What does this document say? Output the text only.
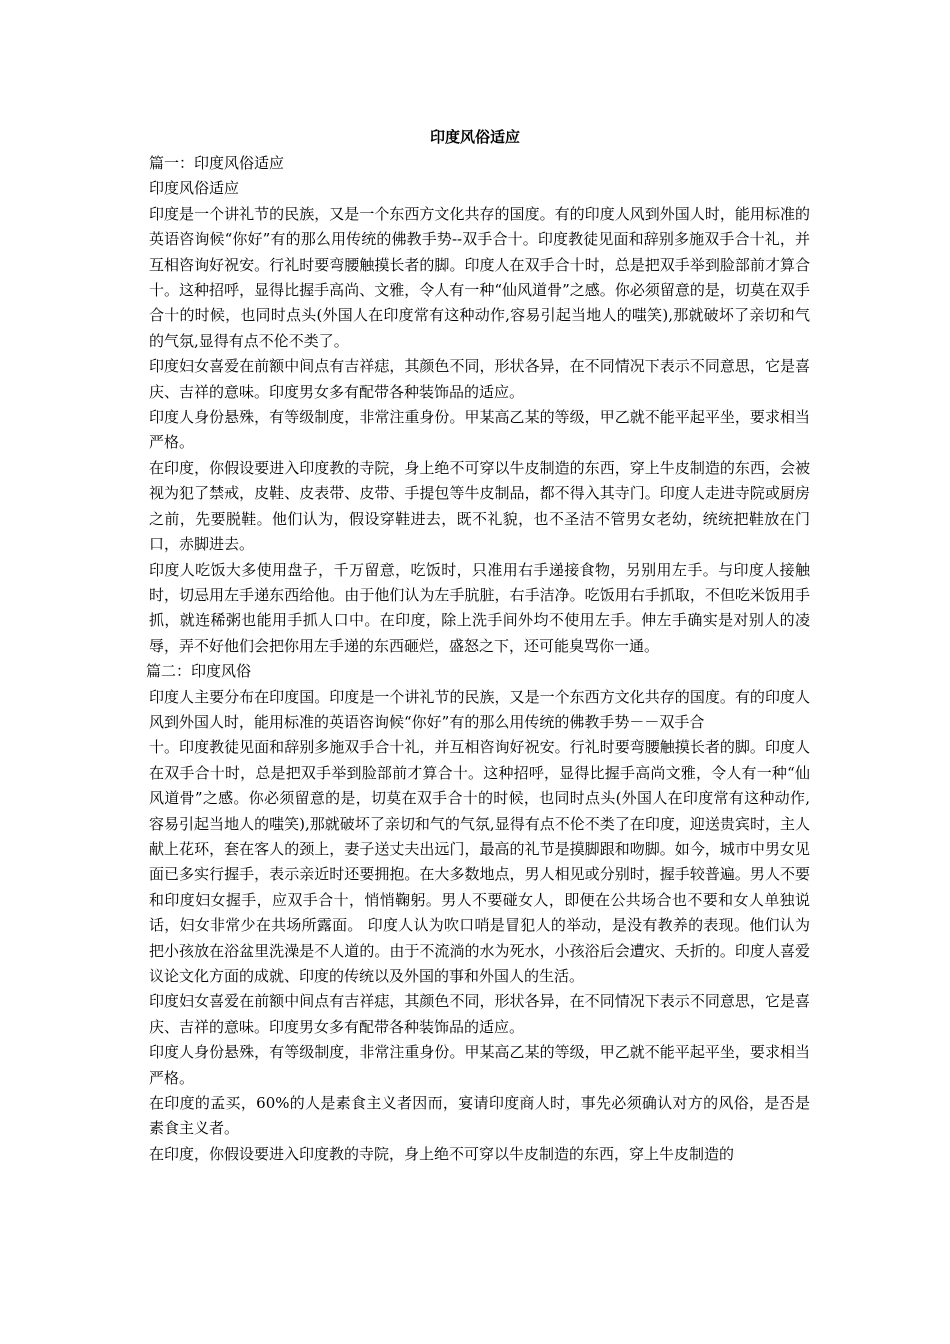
印度风俗适应

篇一：印度风俗适应

印度风俗适应

印度是一个讲礼节的民族，又是一个东西方文化共存的国度。有的印度人风到外国人时，能用标准的英语咨询候“你好”有的那么用传统的佛教手势--双手合十。印度教徒见面和辞别多施双手合十礼，并互相咨询好祝安。行礼时要弯腰触摸长者的脚。印度人在双手合十时，总是把双手举到脸部前才算合十。这种招呼，显得比握手高尚、文雅，令人有一种“仙风道骨”之感。你必须留意的是，切莫在双手合十的时候，也同时点头(外国人在印度常有这种动作,容易引起当地人的嗤笑),那就破坏了亲切和气的气氛,显得有点不伦不类了。

印度妇女喜爱在前额中间点有吉祥痣，其颜色不同，形状各异，在不同情况下表示不同意思，它是喜庆、吉祥的意味。印度男女多有配带各种装饰品的适应。

印度人身份悬殊，有等级制度，非常注重身份。甲某高乙某的等级，甲乙就不能平起平坐，要求相当严格。

在印度，你假设要进入印度教的寺院，身上绝不可穿以牛皮制造的东西，穿上牛皮制造的东西，会被视为犯了禁戒，皮鞋、皮表带、皮带、手提包等牛皮制品，都不得入其寺门。印度人走进寺院或厨房之前，先要脱鞋。他们认为，假设穿鞋进去，既不礼貌，也不圣洁不管男女老幼，统统把鞋放在门口，赤脚进去。

印度人吃饭大多使用盘子，千万留意，吃饭时，只准用右手递接食物，另别用左手。与印度人接触时，切忌用左手递东西给他。由于他们认为左手肮脏，右手洁净。吃饭用右手抓取，不但吃米饭用手抓，就连稀粥也能用手抓人口中。在印度，除上洗手间外均不使用左手。伸左手确实是对别人的凌辱，弄不好他们会把你用左手递的东西砸烂，盛怒之下，还可能臭骂你一通。

篇二：印度风俗

印度人主要分布在印度国。印度是一个讲礼节的民族，又是一个东西方文化共存的国度。有的印度人风到外国人时，能用标准的英语咨询候“你好”有的那么用传统的佛教手势－－双手合

十。印度教徒见面和辞别多施双手合十礼，并互相咨询好祝安。行礼时要弯腰触摸长者的脚。印度人在双手合十时，总是把双手举到脸部前才算合十。这种招呼，显得比握手高尚文雅，令人有一种“仙风道骨”之感。你必须留意的是，切莫在双手合十的时候，也同时点头(外国人在印度常有这种动作,容易引起当地人的嗤笑),那就破坏了亲切和气的气氛,显得有点不伦不类了在印度，迎送贵宾时，主人献上花环，套在客人的颈上，妻子送丈夫出远门，最高的礼节是摸脚跟和吻脚。如今，城市中男女见面已多实行握手，表示亲近时还要拥抱。在大多数地点，男人相见或分别时，握手较普遍。男人不要和印度妇女握手，应双手合十，悄悄鞠躬。男人不要碰女人，即便在公共场合也不要和女人单独说话，妇女非常少在共场所露面。 印度人认为吹口哨是冒犯人的举动，是没有教养的表现。他们认为把小孩放在浴盆里洗澡是不人道的。由于不流淌的水为死水，小孩浴后会遭灾、夭折的。印度人喜爱议论文化方面的成就、印度的传统以及外国的事和外国人的生活。

印度妇女喜爱在前额中间点有吉祥痣，其颜色不同，形状各异，在不同情况下表示不同意思，它是喜庆、吉祥的意味。印度男女多有配带各种装饰品的适应。

印度人身份悬殊，有等级制度，非常注重身份。甲某高乙某的等级，甲乙就不能平起平坐，要求相当严格。

在印度的孟买，60%的人是素食主义者因而，宴请印度商人时，事先必须确认对方的风俗，是否是素食主义者。

在印度，你假设要进入印度教的寺院，身上绝不可穿以牛皮制造的东西，穿上牛皮制造的
